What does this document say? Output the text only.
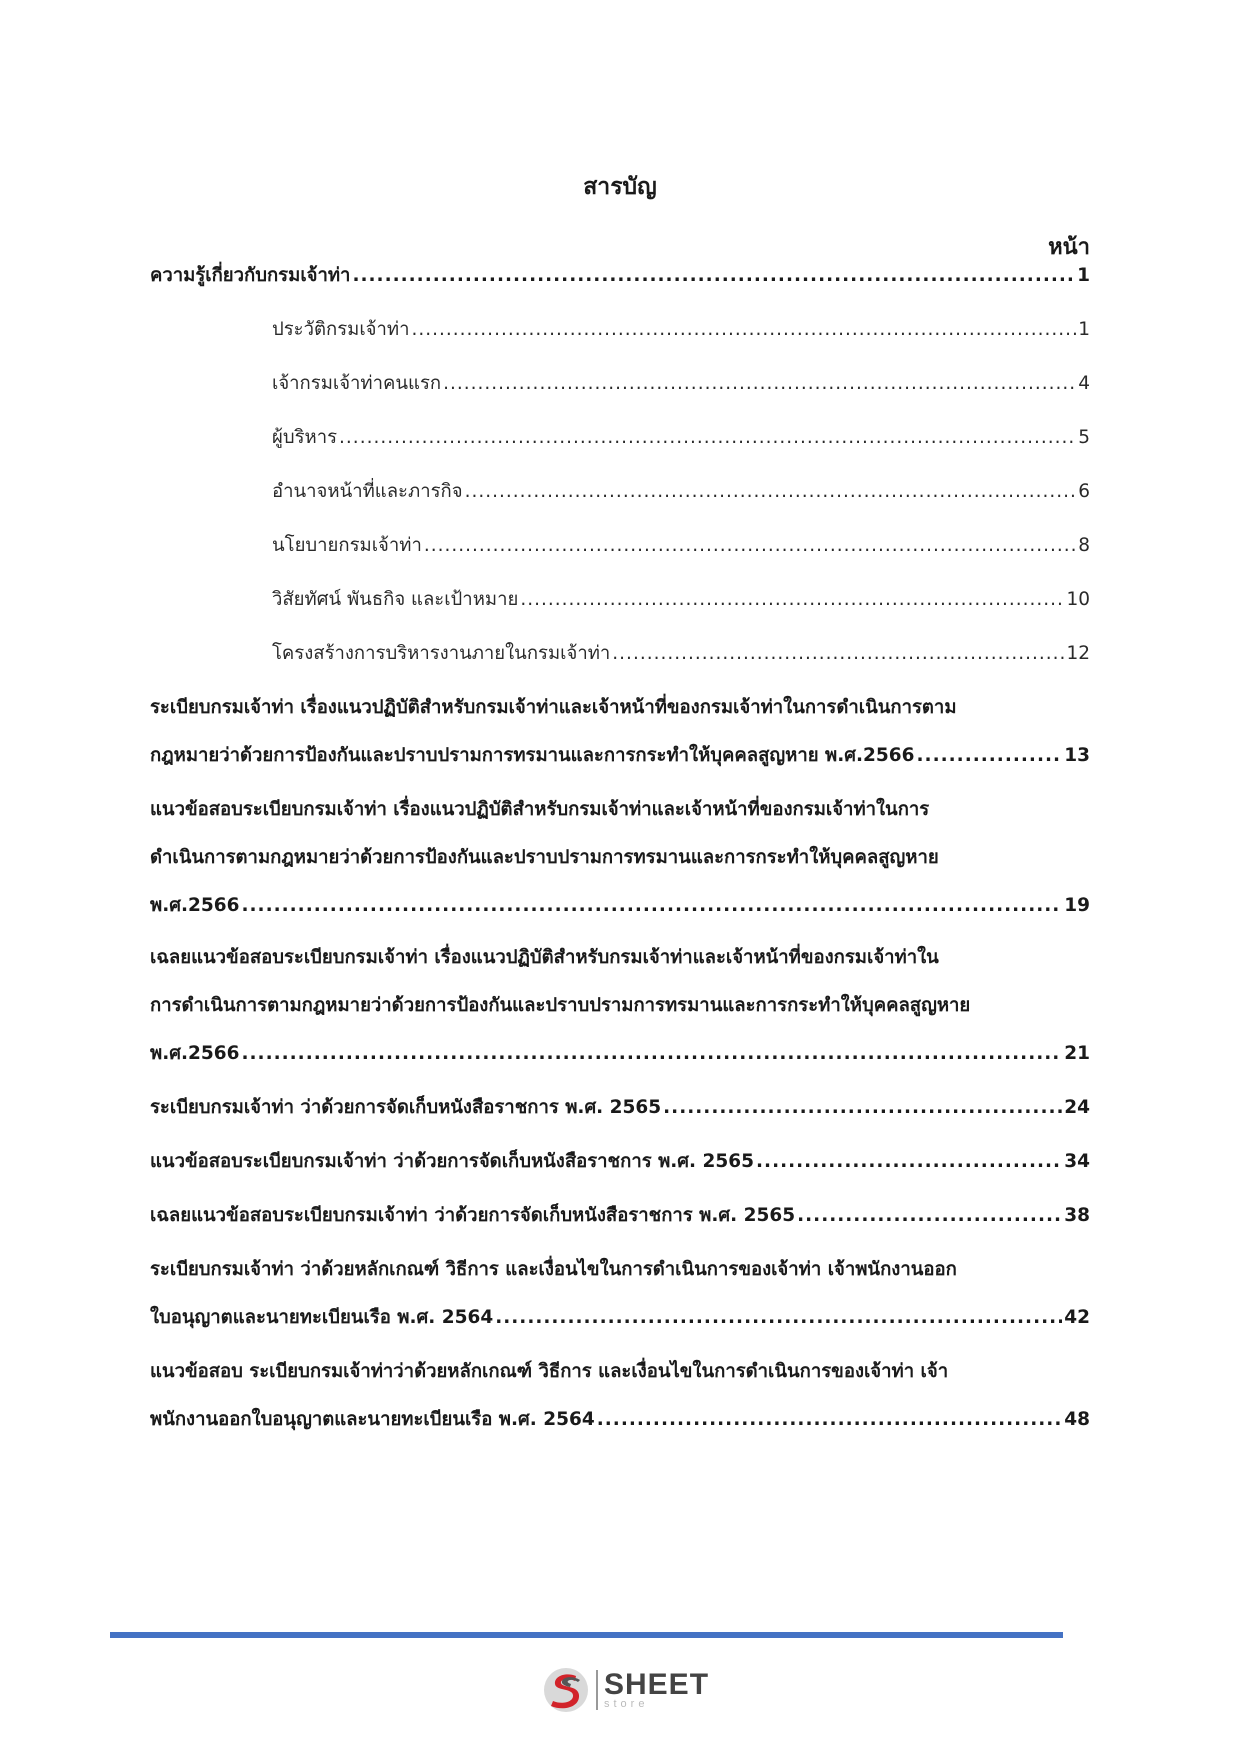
สารบัญ
หน้า
ความรู้เกี่ยวกับกรมเจ้าท่า .....	1
ประวัติกรมเจ้าท่า .....	1
เจ้ากรมเจ้าท่าคนแรก .....	4
ผู้บริหาร .....	5
อำนาจหน้าที่และภารกิจ .....	6
นโยบายกรมเจ้าท่า .....	8
วิสัยทัศน์ พันธกิจ และเป้าหมาย .....	10
โครงสร้างการบริหารงานภายในกรมเจ้าท่า .....	12
ระเบียบกรมเจ้าท่า เรื่องแนวปฏิบัติสำหรับกรมเจ้าท่าและเจ้าหน้าที่ของกรมเจ้าท่าในการดำเนินการตาม
กฎหมายว่าด้วยการป้องกันและปราบปรามการทรมานและการกระทำให้บุคคลสูญหาย พ.ศ.2566 .....	13
แนวข้อสอบระเบียบกรมเจ้าท่า เรื่องแนวปฏิบัติสำหรับกรมเจ้าท่าและเจ้าหน้าที่ของกรมเจ้าท่าในการ
ดำเนินการตามกฎหมายว่าด้วยการป้องกันและปราบปรามการทรมานและการกระทำให้บุคคลสูญหาย
พ.ศ.2566 .....	19
เฉลยแนวข้อสอบระเบียบกรมเจ้าท่า เรื่องแนวปฏิบัติสำหรับกรมเจ้าท่าและเจ้าหน้าที่ของกรมเจ้าท่าใน
การดำเนินการตามกฎหมายว่าด้วยการป้องกันและปราบปรามการทรมานและการกระทำให้บุคคลสูญหาย
พ.ศ.2566 .....	21
ระเบียบกรมเจ้าท่า ว่าด้วยการจัดเก็บหนังสือราชการ พ.ศ. 2565 .....	24
แนวข้อสอบระเบียบกรมเจ้าท่า ว่าด้วยการจัดเก็บหนังสือราชการ พ.ศ. 2565 .....	34
เฉลยแนวข้อสอบระเบียบกรมเจ้าท่า ว่าด้วยการจัดเก็บหนังสือราชการ พ.ศ. 2565 .....	38
ระเบียบกรมเจ้าท่า ว่าด้วยหลักเกณฑ์ วิธีการ และเงื่อนไขในการดำเนินการของเจ้าท่า เจ้าพนักงานออก
ใบอนุญาตและนายทะเบียนเรือ พ.ศ. 2564 .....	42
แนวข้อสอบ ระเบียบกรมเจ้าท่าว่าด้วยหลักเกณฑ์ วิธีการ และเงื่อนไขในการดำเนินการของเจ้าท่า เจ้า
พนักงานออกใบอนุญาตและนายทะเบียนเรือ พ.ศ. 2564 .....	48
SHEET
store
